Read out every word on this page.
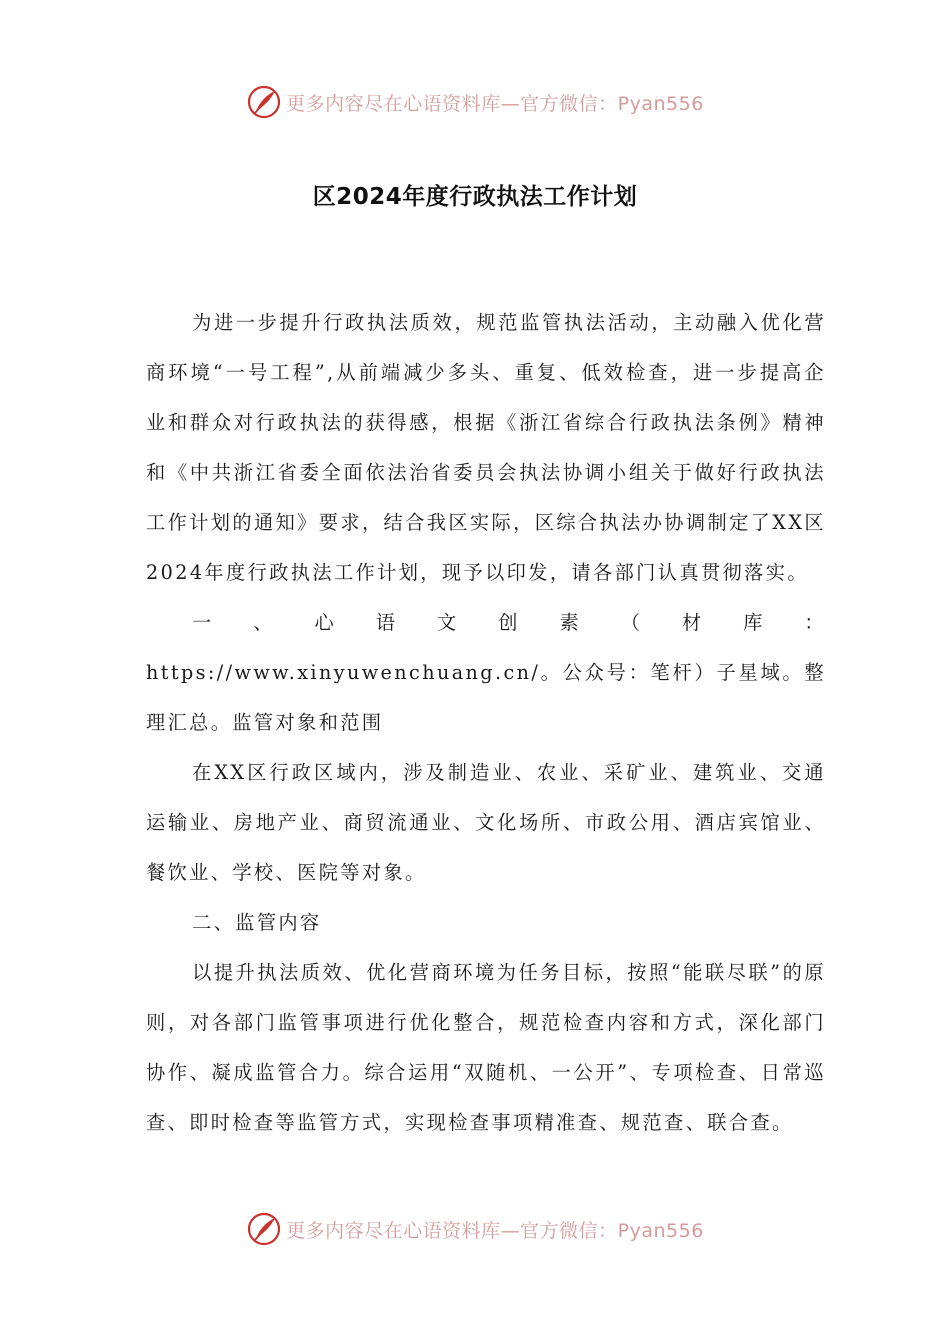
更多内容尽在心语资料库—官方微信：Pyan556
区2024年度行政执法工作计划

为进一步提升行政执法质效，规范监管执法活动，主动融入优化营商环境“一号工程”,从前端减少多头、重复、低效检查，进一步提高企业和群众对行政执法的获得感，根据《浙江省综合行政执法条例》精神和《中共浙江省委全面依法治省委员会执法协调小组关于做好行政执法工作计划的通知》要求，结合我区实际，区综合执法办协调制定了XX区2024年度行政执法工作计划，现予以印发，请各部门认真贯彻落实。

一、心语文创素（材库：https://www.xinyuwenchuang.cn/。公众号：笔杆）子星域。整理汇总。监管对象和范围

在XX区行政区域内，涉及制造业、农业、采矿业、建筑业、交通运输业、房地产业、商贸流通业、文化场所、市政公用、酒店宾馆业、餐饮业、学校、医院等对象。

二、监管内容

以提升执法质效、优化营商环境为任务目标，按照“能联尽联”的原则，对各部门监管事项进行优化整合，规范检查内容和方式，深化部门协作、凝成监管合力。综合运用“双随机、一公开”、专项检查、日常巡查、即时检查等监管方式，实现检查事项精准查、规范查、联合查。

更多内容尽在心语资料库—官方微信：Pyan556
